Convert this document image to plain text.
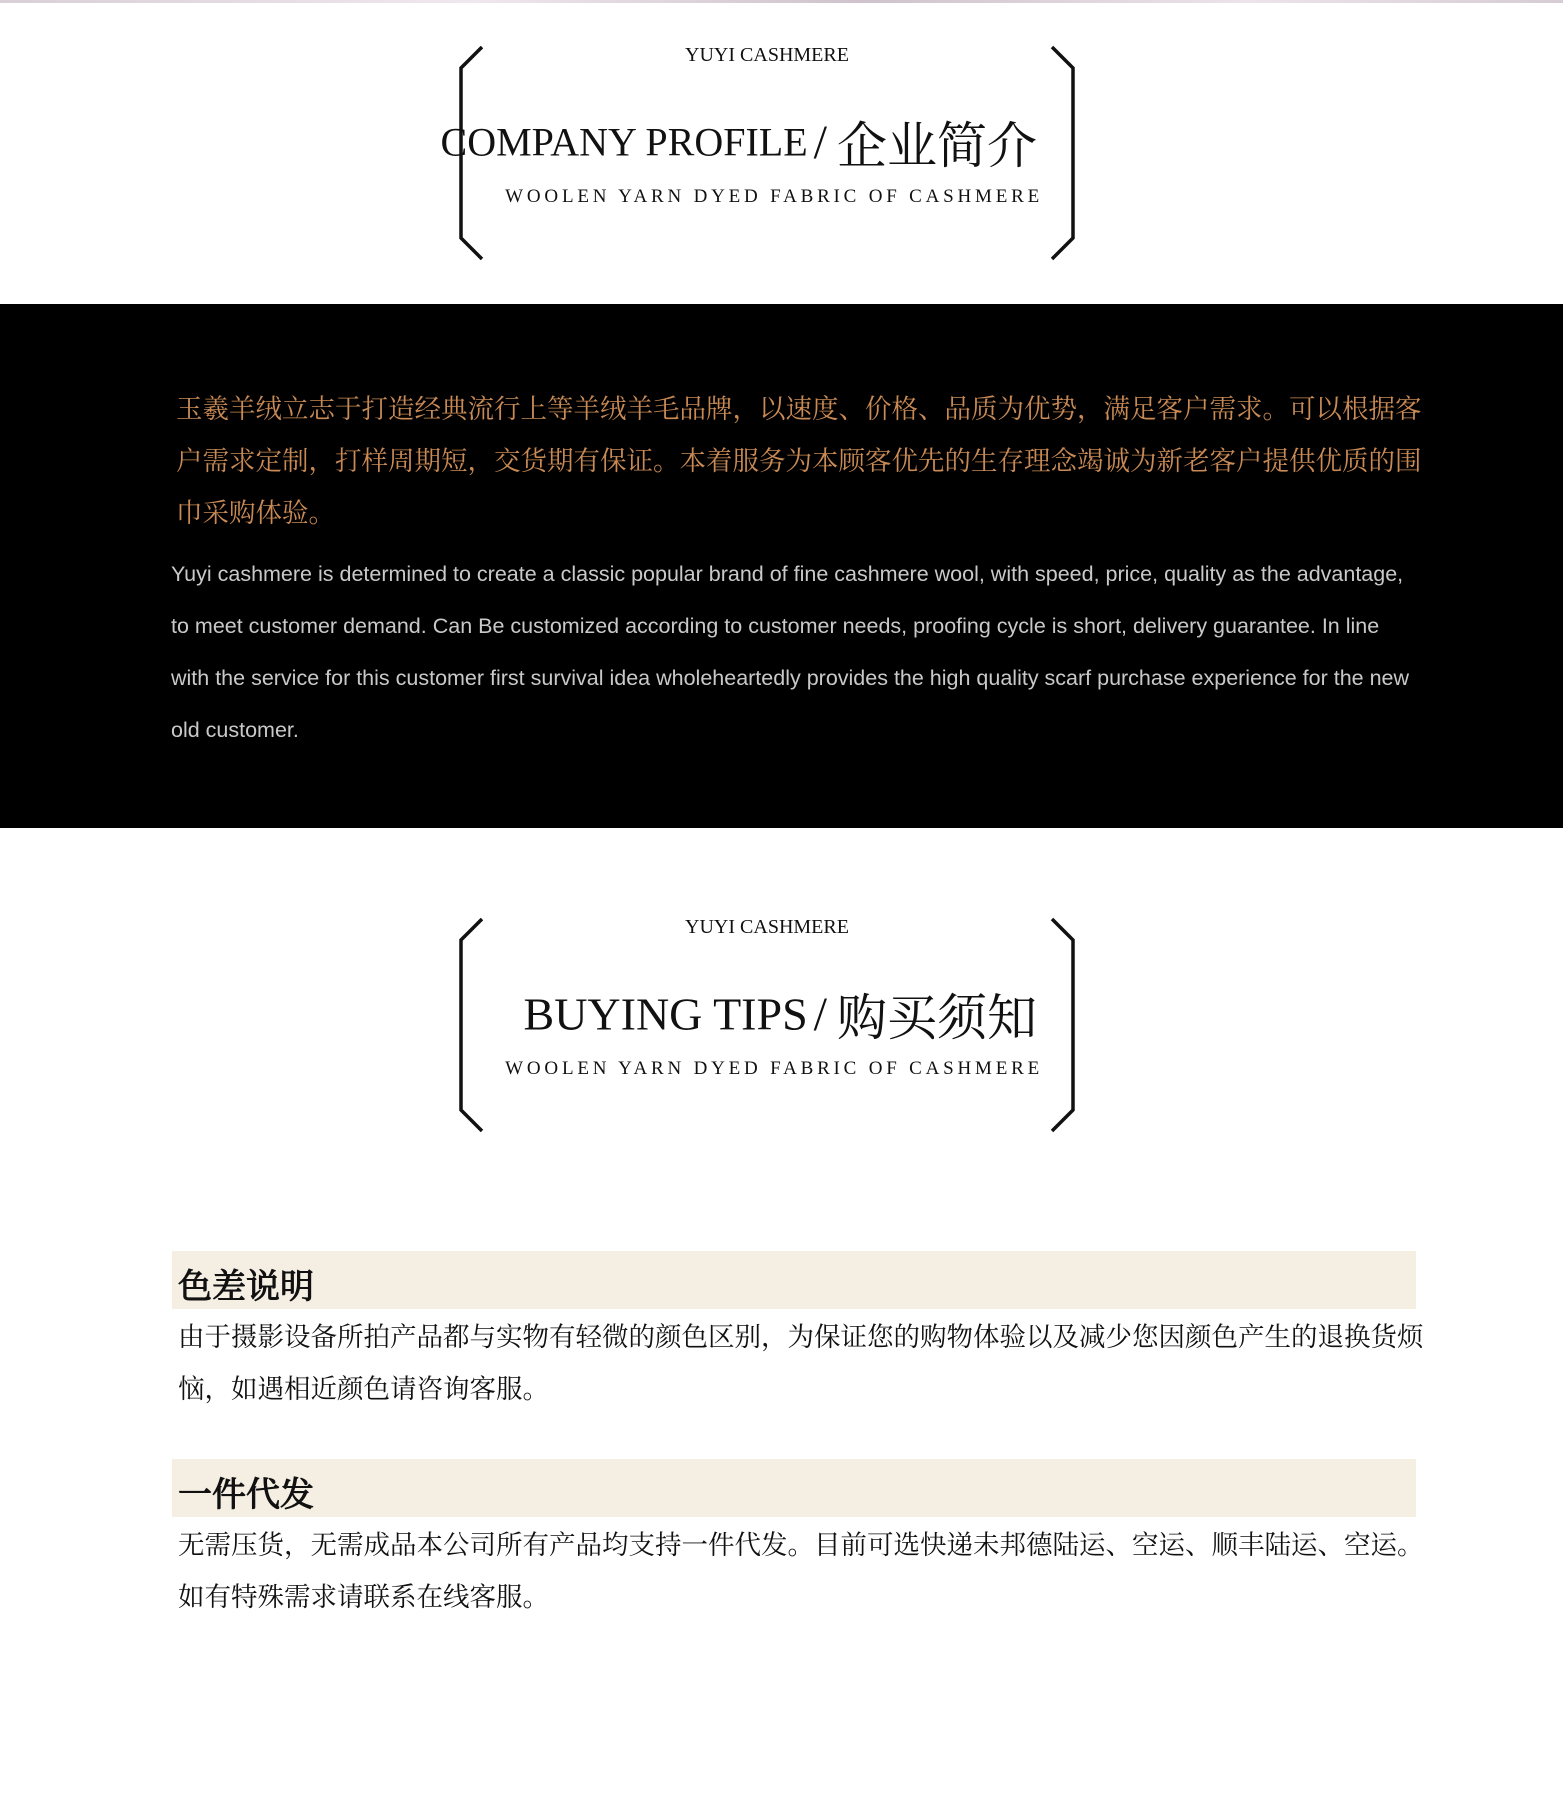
YUYI CASHMERE
COMPANY PROFILE / 企业简介
WOOLEN YARN DYED FABRIC OF CASHMERE

玉羲羊绒立志于打造经典流行上等羊绒羊毛品牌，以速度、价格、品质为优势，满足客户需求。可以根据客户需求定制，打样周期短，交货期有保证。本着服务为本顾客优先的生存理念竭诚为新老客户提供优质的围巾采购体验。

Yuyi cashmere is determined to create a classic popular brand of fine cashmere wool, with speed, price, quality as the advantage, to meet customer demand. Can Be customized according to customer needs, proofing cycle is short, delivery guarantee. In line with the service for this customer first survival idea wholeheartedly provides the high quality scarf purchase experience for the new old customer.

YUYI CASHMERE
BUYING TIPS / 购买须知
WOOLEN YARN DYED FABRIC OF CASHMERE
色差说明

由于摄影设备所拍产品都与实物有轻微的颜色区别，为保证您的购物体验以及减少您因颜色产生的退换货烦恼，如遇相近颜色请咨询客服。

一件代发

无需压货，无需成品本公司所有产品均支持一件代发。目前可选快递未邦德陆运、空运、顺丰陆运、空运。如有特殊需求请联系在线客服。
